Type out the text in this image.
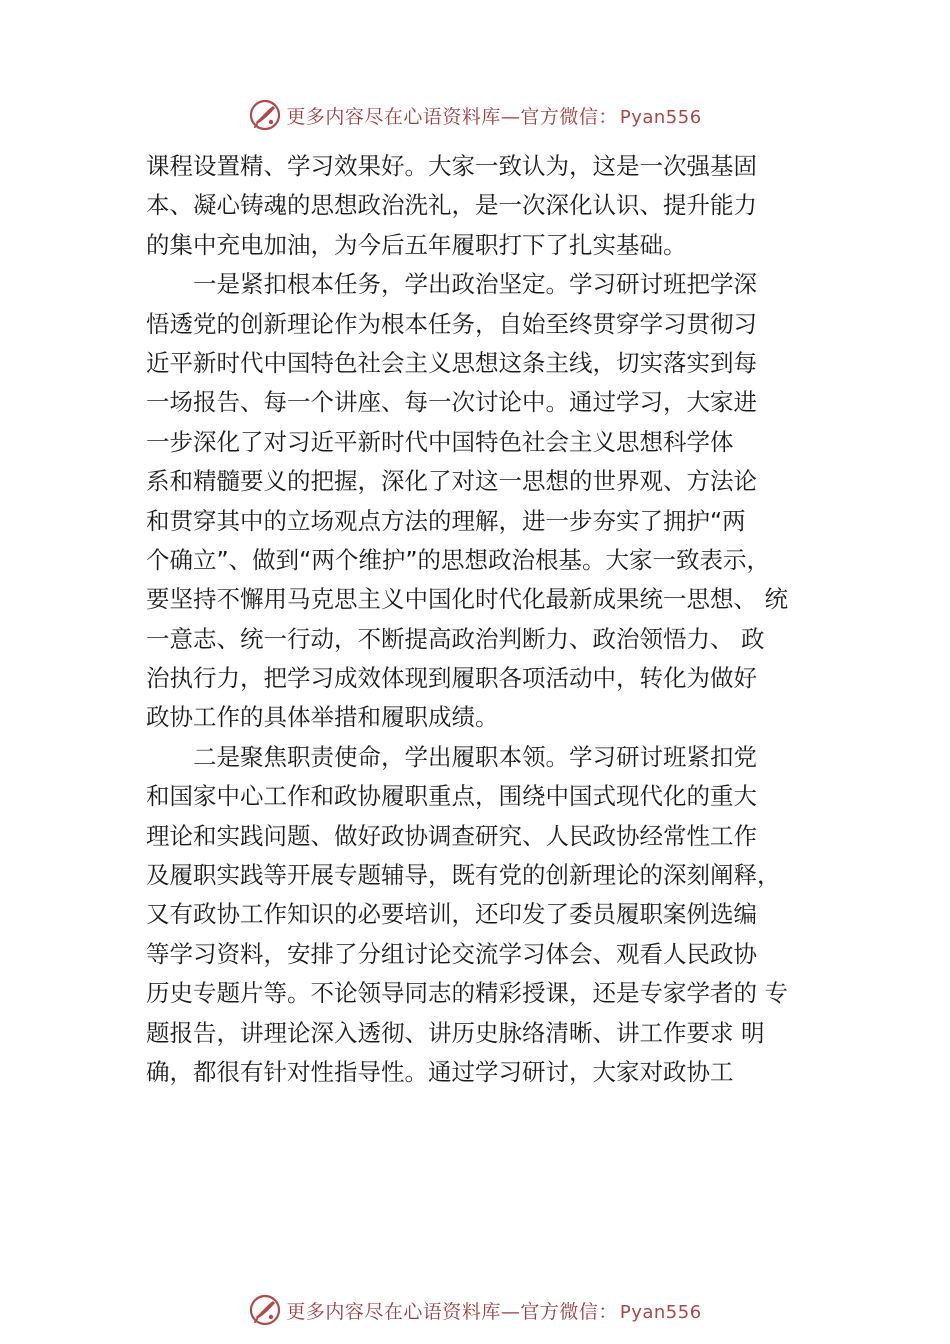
更多内容尽在心语资料库—官方微信： Pyan556
课程设置精、学习效果好。大家一致认为，这是一次强基固
本、凝心铸魂的思想政治洗礼，是一次深化认识、提升能力
的集中充电加油，为今后五年履职打下了扎实基础。
　　一是紧扣根本任务，学出政治坚定。学习研讨班把学深
悟透党的创新理论作为根本任务，自始至终贯穿学习贯彻习
近平新时代中国特色社会主义思想这条主线，切实落实到每
一场报告、每一个讲座、每一次讨论中。通过学习，大家进
一步深化了对习近平新时代中国特色社会主义思想科学体
系和精髓要义的把握，深化了对这一思想的世界观、方法论
和贯穿其中的立场观点方法的理解，进一步夯实了拥护“两
个确立”、做到“两个维护”的思想政治根基。大家一致表示，
要坚持不懈用马克思主义中国化时代化最新成果统一思想、 统
一意志、统一行动，不断提高政治判断力、政治领悟力、 政
治执行力，把学习成效体现到履职各项活动中，转化为做好
政协工作的具体举措和履职成绩。
　　二是聚焦职责使命，学出履职本领。学习研讨班紧扣党
和国家中心工作和政协履职重点，围绕中国式现代化的重大
理论和实践问题、做好政协调查研究、人民政协经常性工作
及履职实践等开展专题辅导，既有党的创新理论的深刻阐释，
又有政协工作知识的必要培训，还印发了委员履职案例选编
等学习资料，安排了分组讨论交流学习体会、观看人民政协
历史专题片等。不论领导同志的精彩授课，还是专家学者的 专
题报告，讲理论深入透彻、讲历史脉络清晰、讲工作要求 明
确，都很有针对性指导性。通过学习研讨，大家对政协工
更多内容尽在心语资料库—官方微信： Pyan556
